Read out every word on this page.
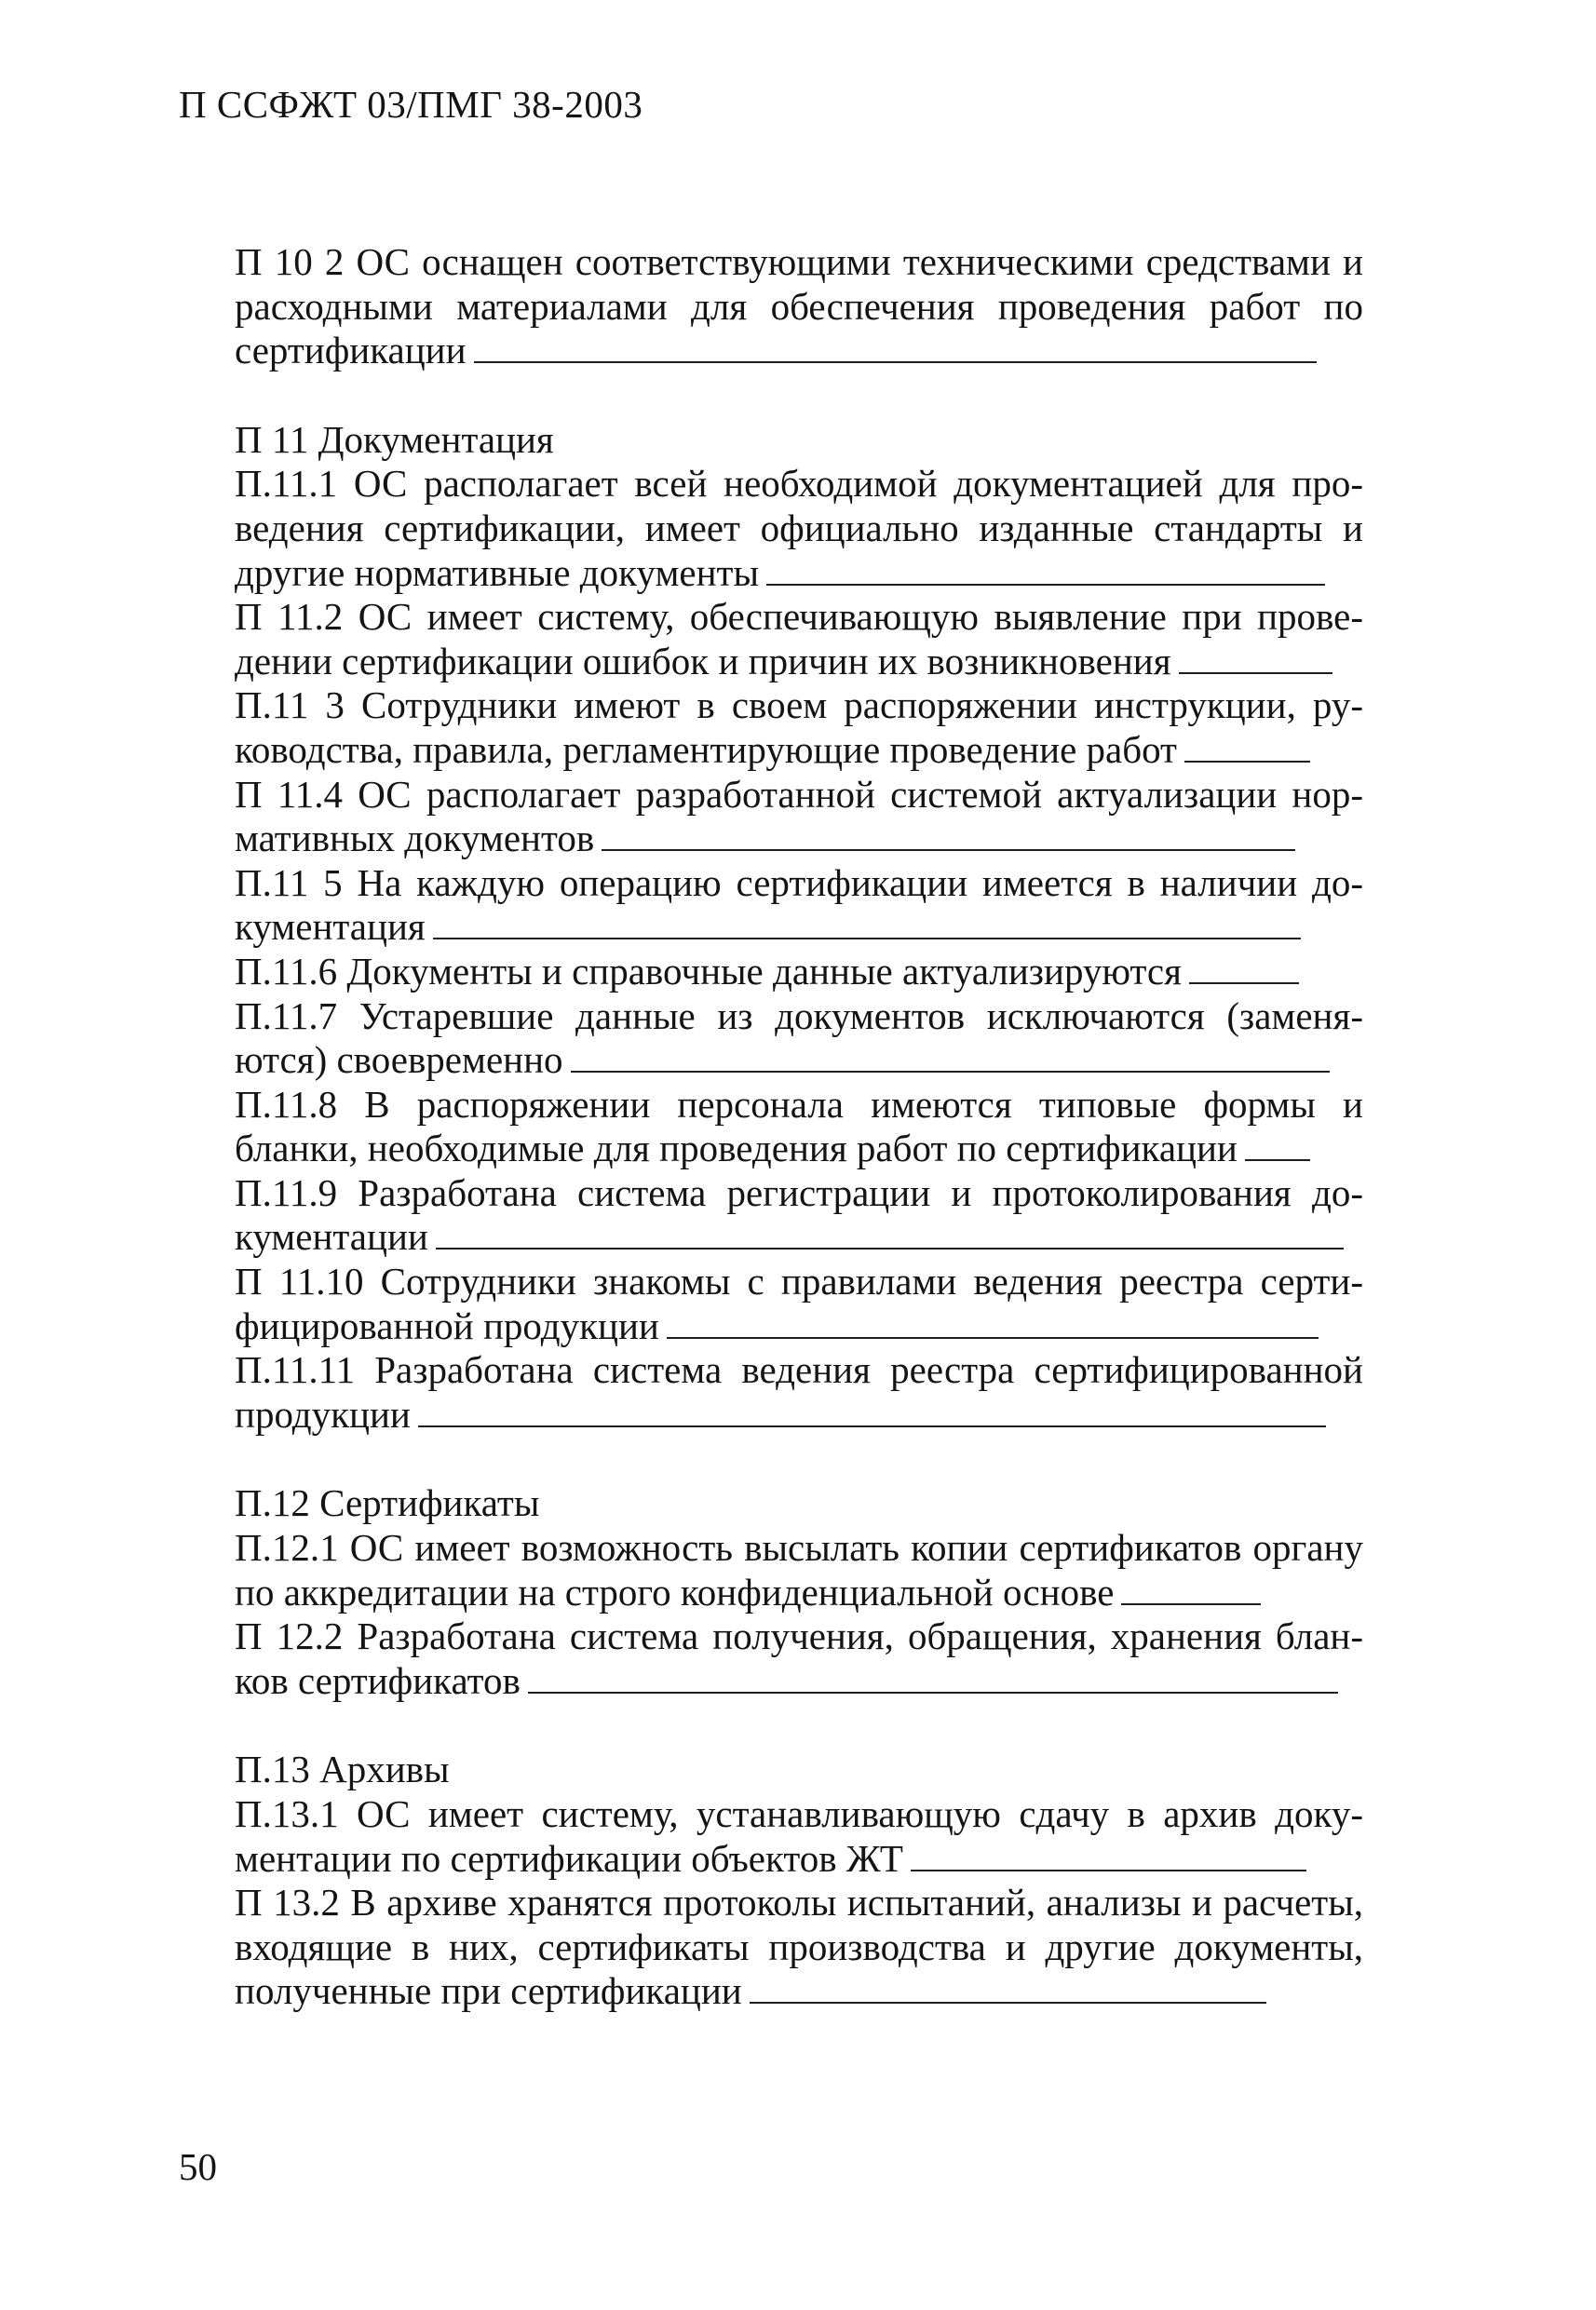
П ССФЖТ 03/ПМГ 38-2003
П 10 2 ОС оснащен соответствующими техническими средствами и расходными материалами для обеспечения проведения работ по сертификации
П 11 Документация
П.11.1 ОС располагает всей необходимой документацией для проведения сертификации, имеет официально изданные стандарты и другие нормативные документы
П 11.2 ОС имеет систему, обеспечивающую выявление при проведении сертификации ошибок и причин их возникновения
П.11 3 Сотрудники имеют в своем распоряжении инструкции, руководства, правила, регламентирующие проведение работ
П 11.4 ОС располагает разработанной системой актуализации нормативных документов
П.11 5 На каждую операцию сертификации имеется в наличии документация
П.11.6 Документы и справочные данные актуализируются
П.11.7 Устаревшие данные из документов исключаются (заменяются) своевременно
П.11.8 В распоряжении персонала имеются типовые формы и бланки, необходимые для проведения работ по сертификации
П.11.9 Разработана система регистрации и протоколирования документации
П 11.10 Сотрудники знакомы с правилами ведения реестра сертифицированной продукции
П.11.11 Разработана система ведения реестра сертифицированной продукции
П.12 Сертификаты
П.12.1 ОС имеет возможность высылать копии сертификатов органу по аккредитации на строго конфиденциальной основе
П 12.2 Разработана система получения, обращения, хранения бланков сертификатов
П.13 Архивы
П.13.1 ОС имеет систему, устанавливающую сдачу в архив документации по сертификации объектов ЖТ
П 13.2 В архиве хранятся протоколы испытаний, анализы и расчеты, входящие в них, сертификаты производства и другие документы, полученные при сертификации
50
